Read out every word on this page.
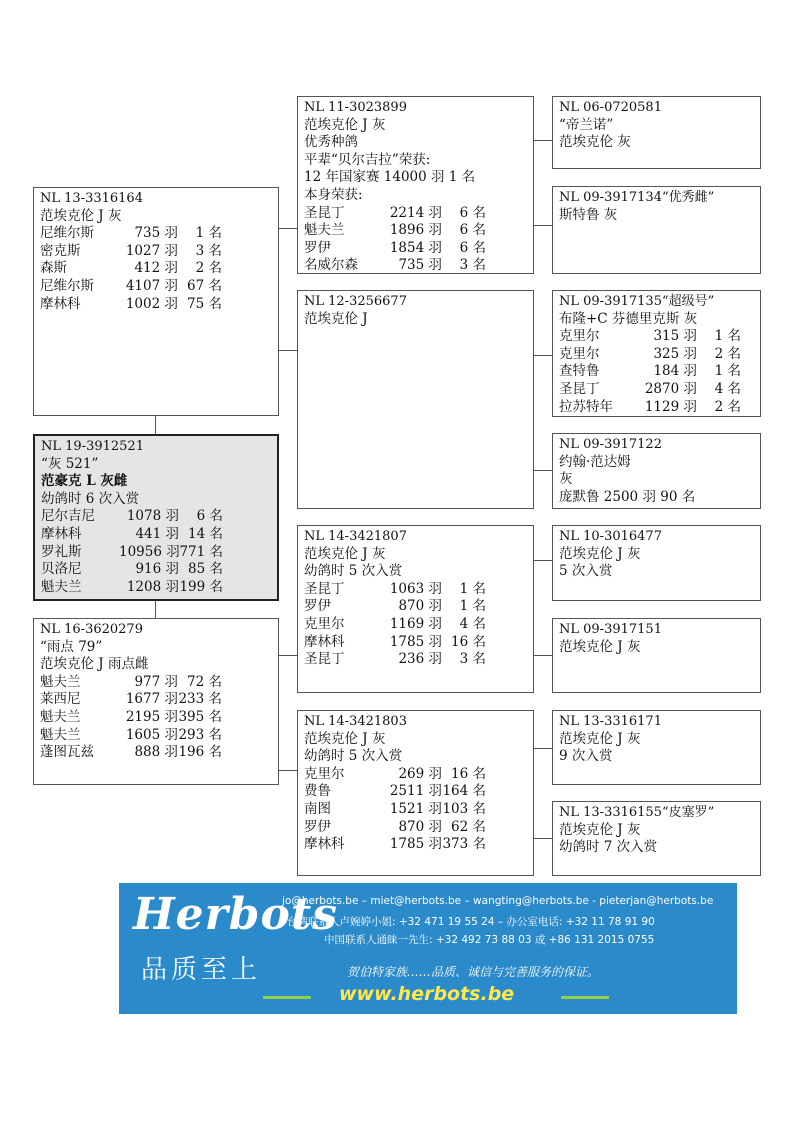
NL 13-3316164
范埃克伦 J 灰
尼维尔斯	735 羽	1 名
密克斯	1027 羽	3 名
森斯	412 羽	2 名
尼维尔斯	4107 羽 67 名
摩林科	1002 羽 75 名
NL 19-3912521
“灰 521”
范豪克 L 灰雌
幼鸽时 6 次入赏
尼尔吉尼	1078 羽	6 名
摩林科	441 羽 14 名
罗礼斯	10956 羽 771 名
贝洛尼	916 羽 85 名
魁夫兰	1208 羽 199 名
NL 16-3620279
“雨点 79”
范埃克伦 J 雨点雌
魁夫兰	977 羽 72 名
莱西尼	1677 羽 233 名
魁夫兰	2195 羽 395 名
魁夫兰	1605 羽 293 名
蓬图瓦兹	888 羽 196 名
NL 11-3023899
范埃克伦 J 灰
优秀种鸽
平辈“贝尔吉拉”荣获:
12 年国家赛 14000 羽 1 名
本身荣获:
圣昆丁	2214 羽	6 名
魁夫兰	1896 羽	6 名
罗伊	1854 羽	6 名
名威尔森	735 羽	3 名
NL 12-3256677
范埃克伦 J
NL 14-3421807
范埃克伦 J 灰
幼鸽时 5 次入赏
圣昆丁	1063 羽	1 名
罗伊	870 羽	1 名
克里尔	1169 羽	4 名
摩林科	1785 羽 16 名
圣昆丁	236 羽	3 名
NL 14-3421803
范埃克伦 J 灰
幼鸽时 5 次入赏
克里尔	269 羽 16 名
费鲁	2511 羽 164 名
南图	1521 羽 103 名
罗伊	870 羽 62 名
摩林科	1785 羽 373 名
NL 06-0720581
“帝兰诺”
范埃克伦 灰
NL 09-3917134“优秀雌”
斯特鲁 灰
NL 09-3917135“超级号”
布隆+C 芬德里克斯 灰
克里尔	315 羽	1 名
克里尔	325 羽	2 名
查特鲁	184 羽	1 名
圣昆丁	2870 羽	4 名
拉苏特年	1129 羽	2 名
NL 09-3917122
约翰·范达姆
灰
庞默鲁 2500 羽 90 名
NL 10-3016477
范埃克伦 J 灰
5 次入赏
NL 09-3917151
范埃克伦 J 灰
NL 13-3316171
范埃克伦 J 灰
9 次入赏
NL 13-3316155“皮塞罗”
范埃克伦 J 灰
幼鸽时 7 次入赏
Herbots
品质至上
jo@herbots.be – miet@herbots.be – wangting@herbots.be - pieterjan@herbots.be
台湾联系人卢婉婷小姐: +32 471 19 55 24 – 办公室电话: +32 11 78 91 90
中国联系人通睐一先生: +32 492 73 88 03 或 +86 131 2015 0755
贺伯特家族……品质、诚信与完善服务的保证。
www.herbots.be
